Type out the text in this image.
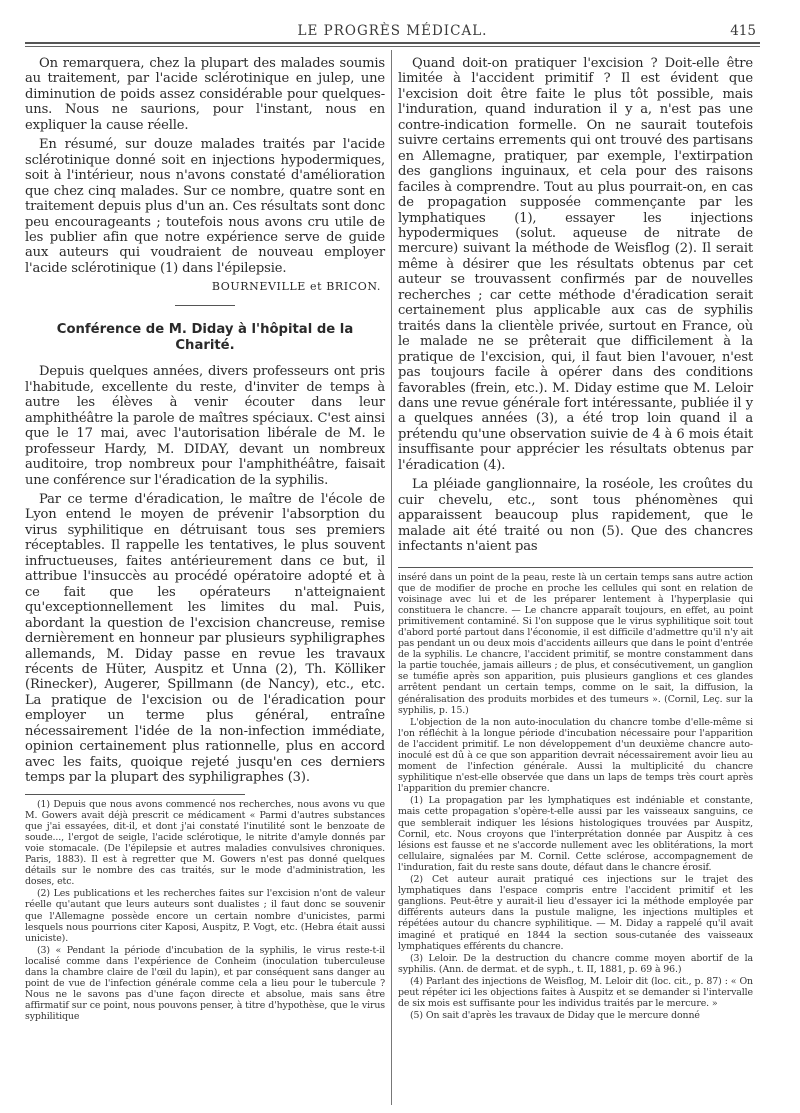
LE PROGRÈS MÉDICAL.	415

On remarquera, chez la plupart des malades soumis au traitement, par l'acide sclérotinique en julep, une diminution de poids assez considérable pour quelques-uns. Nous ne saurions, pour l'instant, nous en expliquer la cause réelle.

En résumé, sur douze malades traités par l'acide sclérotinique donné soit en injections hypodermiques, soit à l'intérieur, nous n'avons constaté d'amélioration que chez cinq malades. Sur ce nombre, quatre sont en traitement depuis plus d'un an. Ces résultats sont donc peu encourageants ; toutefois nous avons cru utile de les publier afin que notre expérience serve de guide aux auteurs qui voudraient de nouveau employer l'acide sclérotinique (1) dans l'épilepsie.

BOURNEVILLE et BRICON.
Conférence de M. Diday à l'hôpital de la Charité.

Depuis quelques années, divers professeurs ont pris l'habitude, excellente du reste, d'inviter de temps à autre les élèves à venir écouter dans leur amphithéâtre la parole de maîtres spéciaux. C'est ainsi que le 17 mai, avec l'autorisation libérale de M. le professeur Hardy, M. DIDAY, devant un nombreux auditoire, trop nombreux pour l'amphithéâtre, faisait une conférence sur l'éradication de la syphilis.

Par ce terme d'éradication, le maître de l'école de Lyon entend le moyen de prévenir l'absorption du virus syphilitique en détruisant tous ses premiers réceptables. Il rappelle les tentatives, le plus souvent infructueuses, faites antérieurement dans ce but, il attribue l'insuccès au procédé opératoire adopté et à ce fait que les opérateurs n'atteignaient qu'exceptionnellement les limites du mal. Puis, abordant la question de l'excision chancreuse, remise dernièrement en honneur par plusieurs syphiligraphes allemands, M. Diday passe en revue les travaux récents de Hüter, Auspitz et Unna (2), Th. Kölliker (Rinecker), Augerer, Spillmann (de Nancy), etc., etc. La pratique de l'excision ou de l'éradication pour employer un terme plus général, entraîne nécessairement l'idée de la non-infection immédiate, opinion certainement plus rationnelle, plus en accord avec les faits, quoique rejeté jusqu'en ces derniers temps par la plupart des syphiligraphes (3).

(1) Depuis que nous avons commencé nos recherches, nous avons vu que M. Gowers avait déjà prescrit ce médicament « Parmi d'autres substances que j'ai essayées, dit-il, et dont j'ai constaté l'inutilité sont le benzoate de soude..., l'ergot de seigle, l'acide sclérotique, le nitrite d'amyle donnés par voie stomacale. (De l'épilepsie et autres maladies convulsives chroniques. Paris, 1883). Il est à regretter que M. Gowers n'est pas donné quelques détails sur le nombre des cas traités, sur le mode d'administration, les doses, etc.

(2) Les publications et les recherches faites sur l'excision n'ont de valeur réelle qu'autant que leurs auteurs sont dualistes ; il faut donc se souvenir que l'Allemagne possède encore un certain nombre d'unicistes, parmi lesquels nous pourrions citer Kaposi, Auspitz, P. Vogt, etc. (Hebra était aussi uniciste).

(3) « Pendant la période d'incubation de la syphilis, le virus reste-t-il localisé comme dans l'expérience de Conheim (inoculation tuberculeuse dans la chambre claire de l'œil du lapin), et par conséquent sans danger au point de vue de l'infection générale comme cela a lieu pour le tubercule ? Nous ne le savons pas d'une façon directe et absolue, mais sans être affirmatif sur ce point, nous pouvons penser, à titre d'hypothèse, que le virus syphilitique

Quand doit-on pratiquer l'excision ? Doit-elle être limitée à l'accident primitif ? Il est évident que l'excision doit être faite le plus tôt possible, mais l'induration, quand induration il y a, n'est pas une contre-indication formelle. On ne saurait toutefois suivre certains errements qui ont trouvé des partisans en Allemagne, pratiquer, par exemple, l'extirpation des ganglions inguinaux, et cela pour des raisons faciles à comprendre. Tout au plus pourrait-on, en cas de propagation supposée commençante par les lymphatiques (1), essayer les injections hypodermiques (solut. aqueuse de nitrate de mercure) suivant la méthode de Weisflog (2). Il serait même à désirer que les résultats obtenus par cet auteur se trouvassent confirmés par de nouvelles recherches ; car cette méthode d'éradication serait certainement plus applicable aux cas de syphilis traités dans la clientèle privée, surtout en France, où le malade ne se prêterait que difficilement à la pratique de l'excision, qui, il faut bien l'avouer, n'est pas toujours facile à opérer dans des conditions favorables (frein, etc.). M. Diday estime que M. Leloir dans une revue générale fort intéressante, publiée il y a quelques années (3), a été trop loin quand il a prétendu qu'une observation suivie de 4 à 6 mois était insuffisante pour apprécier les résultats obtenus par l'éradication (4).

La pléiade ganglionnaire, la roséole, les croûtes du cuir chevelu, etc., sont tous phénomènes qui apparaissent beaucoup plus rapidement, que le malade ait été traité ou non (5). Que des chancres infectants n'aient pas

inséré dans un point de la peau, reste là un certain temps sans autre action que de modifier de proche en proche les cellules qui sont en relation de voisinage avec lui et de les préparer lentement à l'hyperplasie qui constituera le chancre. — Le chancre apparaît toujours, en effet, au point primitivement contaminé. Si l'on suppose que le virus syphilitique soit tout d'abord porté partout dans l'économie, il est difficile d'admettre qu'il n'y ait pas pendant un ou deux mois d'accidents ailleurs que dans le point d'entrée de la syphilis. Le chancre, l'accident primitif, se montre constamment dans la partie touchée, jamais ailleurs ; de plus, et consécutivement, un ganglion se tuméfie après son apparition, puis plusieurs ganglions et ces glandes arrêtent pendant un certain temps, comme on le sait, la diffusion, la généralisation des produits morbides et des tumeurs ». (Cornil, Leç. sur la syphilis, p. 15.)

L'objection de la non auto-inoculation du chancre tombe d'elle-même si l'on réfléchit à la longue période d'incubation nécessaire pour l'apparition de l'accident primitif. Le non développement d'un deuxième chancre auto-inoculé est dû à ce que son apparition devrait nécessairement avoir lieu au moment de l'infection générale. Aussi la multiplicité du chancre syphilitique n'est-elle observée que dans un laps de temps très court après l'apparition du premier chancre.

(1) La propagation par les lymphatiques est indéniable et constante, mais cette propagation s'opère-t-elle aussi par les vaisseaux sanguins, ce que semblerait indiquer les lésions histologiques trouvées par Auspitz, Cornil, etc. Nous croyons que l'interprétation donnée par Auspitz à ces lésions est fausse et ne s'accorde nullement avec les oblitérations, la mort cellulaire, signalées par M. Cornil. Cette sclérose, accompagnement de l'induration, fait du reste sans doute, défaut dans le chancre érosif.

(2) Cet auteur aurait pratiqué ces injections sur le trajet des lymphatiques dans l'espace compris entre l'accident primitif et les ganglions. Peut-être y aurait-il lieu d'essayer ici la méthode employée par différents auteurs dans la pustule maligne, les injections multiples et répétées autour du chancre syphilitique. — M. Diday a rappelé qu'il avait imaginé et pratiqué en 1844 la section sous-cutanée des vaisseaux lymphatiques efférents du chancre.

(3) Leloir. De la destruction du chancre comme moyen abortif de la syphilis. (Ann. de dermat. et de syph., t. II, 1881, p. 69 à 96.)

(4) Parlant des injections de Weisflog, M. Leloir dit (loc. cit., p. 87) : « On peut répéter ici les objections faites à Auspitz et se demander si l'intervalle de six mois est suffisante pour les individus traités par le mercure. »

(5) On sait d'après les travaux de Diday que le mercure donné
